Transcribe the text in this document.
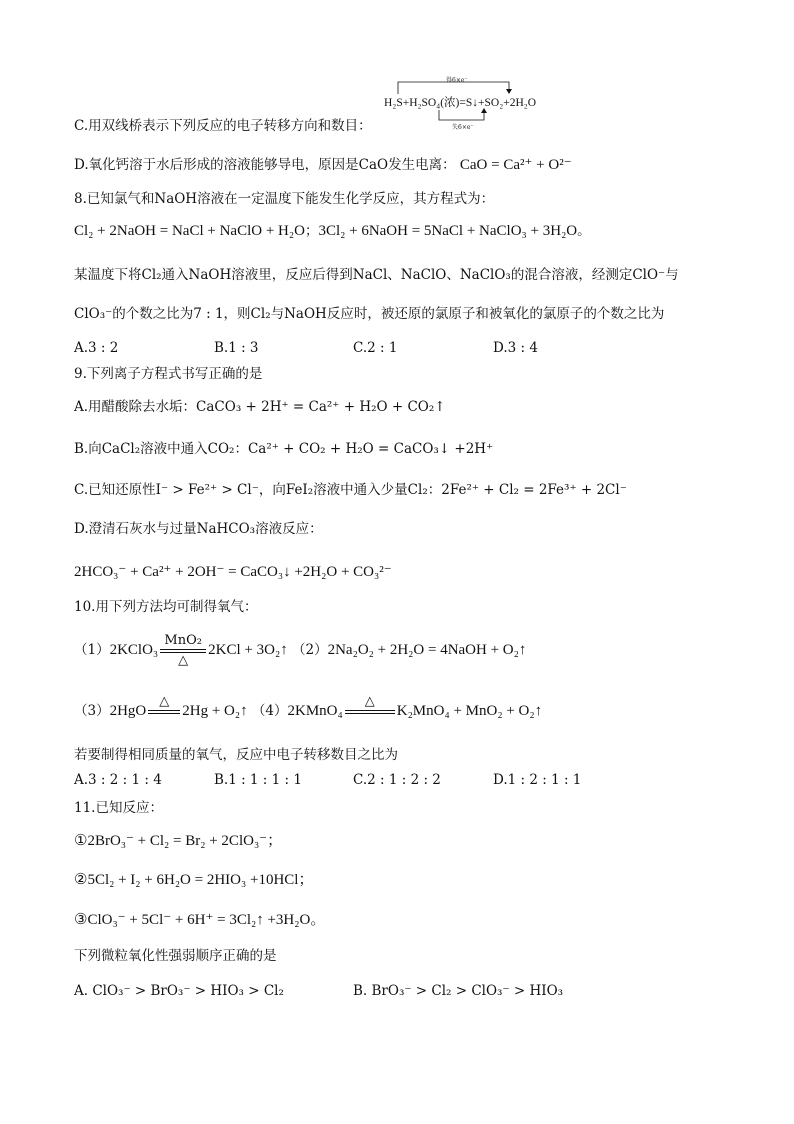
得6×e⁻
失6×e⁻
H₂S+H₂SO₄(浓)=S↓+SO₂+2H₂O
C.用双线桥表示下列反应的电子转移方向和数目：
D.氧化钙溶于水后形成的溶液能够导电，原因是CaO发生电离： CaO = Ca²⁺ + O²⁻
8.已知氯气和NaOH溶液在一定温度下能发生化学反应，其方程式为：
Cl₂ + 2NaOH = NaCl + NaClO + H₂O；3Cl₂ + 6NaOH = 5NaCl + NaClO₃ + 3H₂O。
某温度下将Cl₂通入NaOH溶液里，反应后得到NaCl、NaClO、NaClO₃的混合溶液，经测定ClO⁻与
ClO₃⁻的个数之比为7 : 1，则Cl₂与NaOH反应时，被还原的氯原子和被氧化的氯原子的个数之比为
A.3 : 2	B.1 : 3	C.2 : 1	D.3 : 4
9.下列离子方程式书写正确的是
A.用醋酸除去水垢：CaCO₃ + 2H⁺ = Ca²⁺ + H₂O + CO₂↑
B.向CaCl₂溶液中通入CO₂：Ca²⁺ + CO₂ + H₂O = CaCO₃↓ +2H⁺
C.已知还原性I⁻ > Fe²⁺ > Cl⁻，向FeI₂溶液中通入少量Cl₂：2Fe²⁺ + Cl₂ = 2Fe³⁺ + 2Cl⁻
D.澄清石灰水与过量NaHCO₃溶液反应：
2HCO₃⁻ + Ca²⁺ + 2OH⁻ = CaCO₃↓ +2H₂O + CO₃²⁻
10.用下列方法均可制得氧气：
（1）2KClO₃
MnO₂
△
2KCl + 3O₂↑ （2）2Na₂O₂ + 2H₂O = 4NaOH + O₂↑
（3）2HgO
△

2Hg + O₂↑ （4）2KMnO₄
△

K₂MnO₄ + MnO₂ + O₂↑
若要制得相同质量的氧气，反应中电子转移数目之比为
A.3 : 2 : 1 : 4	B.1 : 1 : 1 : 1	C.2 : 1 : 2 : 2	D.1 : 2 : 1 : 1
11.已知反应：
①2BrO₃⁻ + Cl₂ = Br₂ + 2ClO₃⁻；
②5Cl₂ + I₂ + 6H₂O = 2HIO₃ +10HCl；
③ClO₃⁻ + 5Cl⁻ + 6H⁺ = 3Cl₂↑ +3H₂O。
下列微粒氧化性强弱顺序正确的是
A. ClO₃⁻ > BrO₃⁻ > HIO₃ > Cl₂	B. BrO₃⁻ > Cl₂ > ClO₃⁻ > HIO₃
